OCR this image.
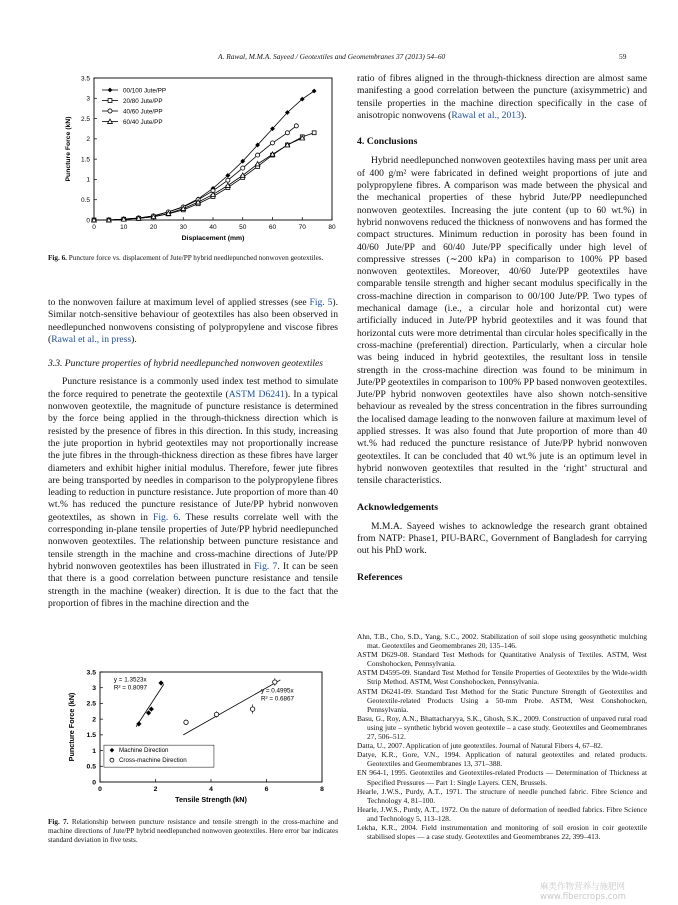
A. Rawal, M.M.A. Sayeed / Geotextiles and Geomembranes 37 (2013) 54–60	59
0	10	20	30	40	50	60	70	80
0
0.5
1
1.5
2
2.5
3
3.5
Displacement (mm)
Puncture Force (kN)
00/100 Jute/PP
20/80 Jute/PP
40/60 Jute/PP
60/40 Jute/PP
Fig. 6. Puncture force vs. displacement of Jute/PP hybrid needlepunched nonwoven geotextiles.

to the nonwoven failure at maximum level of applied stresses (see Fig. 5). Similar notch-sensitive behaviour of geotextiles has also been observed in needlepunched nonwovens consisting of polypropylene and viscose fibres (Rawal et al., in press).

3.3. Puncture properties of hybrid needlepunched nonwoven geotextiles

Puncture resistance is a commonly used index test method to simulate the force required to penetrate the geotextile (ASTM D6241). In a typical nonwoven geotextile, the magnitude of puncture resistance is determined by the force being applied in the through-thickness direction which is resisted by the presence of fibres in this direction. In this study, increasing the jute proportion in hybrid geotextiles may not proportionally increase the jute fibres in the through-thickness direction as these fibres have larger diameters and exhibit higher initial modulus. Therefore, fewer jute fibres are being transported by needles in comparison to the polypropylene fibres leading to reduction in puncture resistance. Jute proportion of more than 40 wt.% has reduced the puncture resistance of Jute/PP hybrid nonwoven geotextiles, as shown in Fig. 6. These results correlate well with the corresponding in-plane tensile properties of Jute/PP hybrid needlepunched nonwoven geotextiles. The relationship between puncture resistance and tensile strength in the machine and cross-machine directions of Jute/PP hybrid nonwoven geotextiles has been illustrated in Fig. 7. It can be seen that there is a good correlation between puncture resistance and tensile strength in the machine (weaker) direction. It is due to the fact that the proportion of fibres in the machine direction and the

0	2	4	6	8
0
0.5
1
1.5
2
2.5
3
3.5
Tensile Strength (kN)
Puncture Force (kN)
y = 1.3523x
R² = 0.8097	y = 0.4995x
R² = 0.6867
Machine Direction
Cross-machine Direction
Fig. 7. Relationship between puncture resistance and tensile strength in the cross-machine and machine directions of Jute/PP hybrid needlepunched nonwoven geotextiles. Here error bar indicates standard deviation in five tests.

ratio of fibres aligned in the through-thickness direction are almost same manifesting a good correlation between the puncture (axisymmetric) and tensile properties in the machine direction specifically in the case of anisotropic nonwovens (Rawal et al., 2013).

4. Conclusions

Hybrid needlepunched nonwoven geotextiles having mass per unit area of 400 g/m² were fabricated in defined weight proportions of jute and polypropylene fibres. A comparison was made between the physical and the mechanical properties of these hybrid Jute/PP needlepunched nonwoven geotextiles. Increasing the jute content (up to 60 wt.%) in hybrid nonwovens reduced the thickness of nonwovens and has formed the compact structures. Minimum reduction in porosity has been found in 40/60 Jute/PP and 60/40 Jute/PP specifically under high level of compressive stresses (∼200 kPa) in comparison to 100% PP based nonwoven geotextiles. Moreover, 40/60 Jute/PP geotextiles have comparable tensile strength and higher secant modulus specifically in the cross-machine direction in comparison to 00/100 Jute/PP. Two types of mechanical damage (i.e., a circular hole and horizontal cut) were artificially induced in Jute/PP hybrid geotextiles and it was found that horizontal cuts were more detrimental than circular holes specifically in the cross-machine (preferential) direction. Particularly, when a circular hole was being induced in hybrid geotextiles, the resultant loss in tensile strength in the cross-machine direction was found to be minimum in Jute/PP geotextiles in comparison to 100% PP based nonwoven geotextiles. Jute/PP hybrid nonwoven geotextiles have also shown notch-sensitive behaviour as revealed by the stress concentration in the fibres surrounding the localised damage leading to the nonwoven failure at maximum level of applied stresses. It was also found that Jute proportion of more than 40 wt.% had reduced the puncture resistance of Jute/PP hybrid nonwoven geotextiles. It can be concluded that 40 wt.% jute is an optimum level in hybrid nonwoven geotextiles that resulted in the ‘right’ structural and tensile characteristics.

Acknowledgements

M.M.A. Sayeed wishes to acknowledge the research grant obtained from NATP: Phase1, PIU-BARC, Government of Bangladesh for carrying out his PhD work.

References

Ahn, T.B., Cho, S.D., Yang, S.C., 2002. Stabilization of soil slope using geosynthetic mulching mat. Geotextiles and Geomembranes 20, 135–146.

ASTM D629-08. Standard Test Methods for Quantitative Analysis of Textiles. ASTM, West Conshohocken, Pennsylvania.

ASTM D4595-09. Standard Test Method for Tensile Properties of Geotextiles by the Wide-width Strip Method. ASTM, West Conshohocken, Pennsylvania.

ASTM D6241-09. Standard Test Method for the Static Puncture Strength of Geotextiles and Geotextile-related Products Using a 50-mm Probe. ASTM, West Conshohocken, Pennsylvania.

Basu, G., Roy, A.N., Bhattacharyya, S.K., Ghosh, S.K., 2009. Construction of unpaved rural road using jute – synthetic hybrid woven geotextile – a case study. Geotextiles and Geomembranes 27, 506–512.

Datta, U., 2007. Application of jute geotextiles. Journal of Natural Fibers 4, 67–82.

Datye, K.R., Gore, V.N., 1994. Application of natural geotextiles and related products. Geotextiles and Geomembranes 13, 371–388.

EN 964-1, 1995. Geotextiles and Geotextiles-related Products — Determination of Thickness at Specified Pressures — Part 1: Single Layers. CEN, Brussels.

Hearle, J.W.S., Purdy, A.T., 1971. The structure of needle punched fabric. Fibre Science and Technology 4, 81–100.

Hearle, J.W.S., Purdy, A.T., 1972. On the nature of deformation of needled fabrics. Fibre Science and Technology 5, 113–128.

Lekha, K.R., 2004. Field instrumentation and monitoring of soil erosion in coir geotextile stabilised slopes — a case study. Geotextiles and Geomembranes 22, 399–413.

麻类作物营养与施肥网 www.fibercrops.com
